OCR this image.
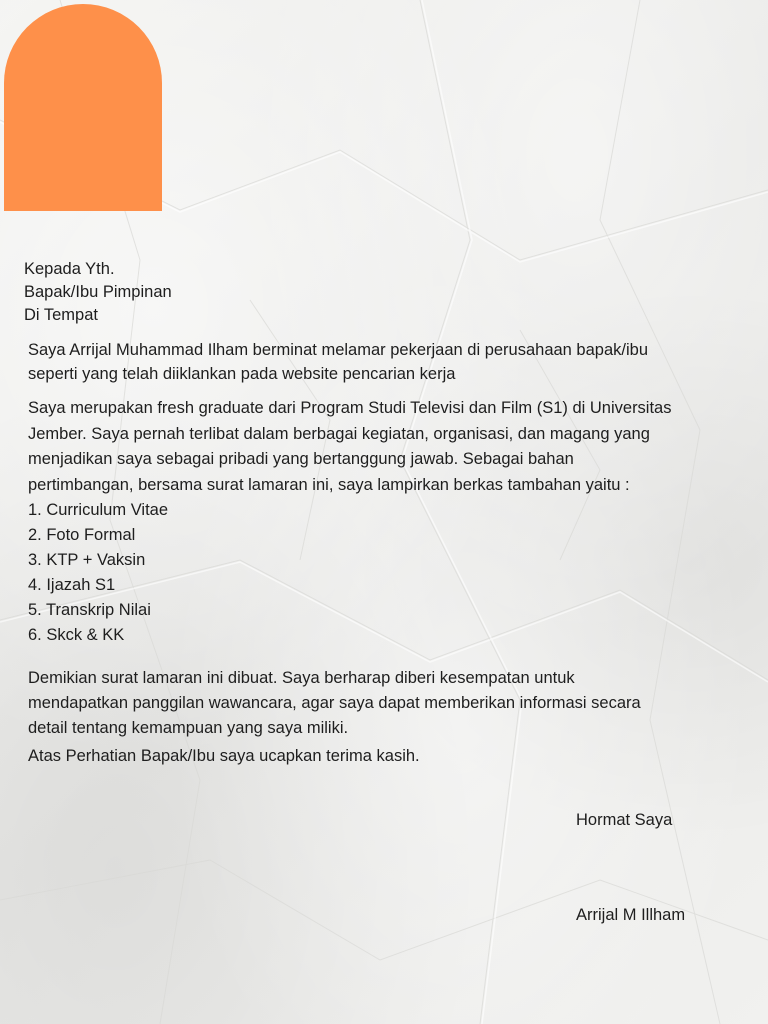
Kepada Yth.
Bapak/Ibu Pimpinan
Di Tempat
Saya Arrijal Muhammad Ilham berminat melamar pekerjaan di perusahaan bapak/ibu
seperti yang telah diiklankan pada website pencarian kerja
Saya merupakan fresh graduate dari Program Studi Televisi dan Film (S1) di Universitas
Jember. Saya pernah terlibat dalam berbagai kegiatan, organisasi, dan magang yang
menjadikan saya sebagai pribadi yang bertanggung jawab. Sebagai bahan
pertimbangan, bersama surat lamaran ini, saya lampirkan berkas tambahan yaitu :
1. Curriculum Vitae
2. Foto Formal
3. KTP + Vaksin
4. Ijazah S1
5. Transkrip Nilai
6. Skck & KK
Demikian surat lamaran ini dibuat. Saya berharap diberi kesempatan untuk
mendapatkan panggilan wawancara, agar saya dapat memberikan informasi secara
detail tentang kemampuan yang saya miliki.
Atas Perhatian Bapak/Ibu saya ucapkan terima kasih.
Hormat Saya
Arrijal M Illham
